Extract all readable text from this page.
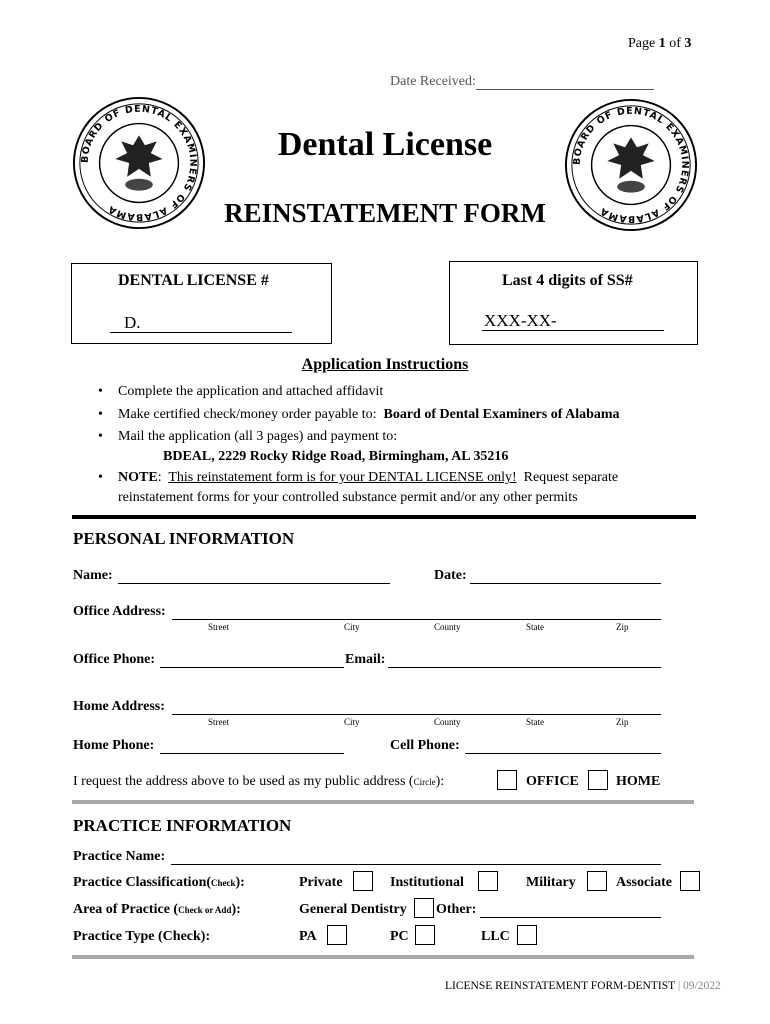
Page 1 of 3
Date Received:
BOARD OF DENTAL EXAMINERS OF ALABAMA
BOARD OF DENTAL EXAMINERS OF ALABAMA
Dental License
REINSTATEMENT FORM
DENTAL LICENSE #
D.
Last 4 digits of SS#
XXX-XX-
Application Instructions
• Complete the application and attached affidavit
• Make certified check/money order payable to: Board of Dental Examiners of Alabama
• Mail the application (all 3 pages) and payment to:
BDEAL, 2229 Rocky Ridge Road, Birmingham, AL 35216
• NOTE:  This reinstatement form is for your DENTAL LICENSE only! Request separate
reinstatement forms for your controlled substance permit and/or any other permits
PERSONAL INFORMATION
Name:	Date:
Office Address:
Street	City	County	State	Zip
Office Phone:	Email:
Home Address:
Street	City	County	State	Zip
Home Phone:	Cell Phone:
I request the address above to be used as my public address (Circle):	OFFICE	HOME
PRACTICE INFORMATION
Practice Name:
Practice Classification(Check):	Private	Institutional	Military	Associate
Area of Practice (Check or Add):	General Dentistry Other:
Practice Type (Check):	PA	PC	LLC
LICENSE REINSTATEMENT FORM-DENTIST | 09/2022
